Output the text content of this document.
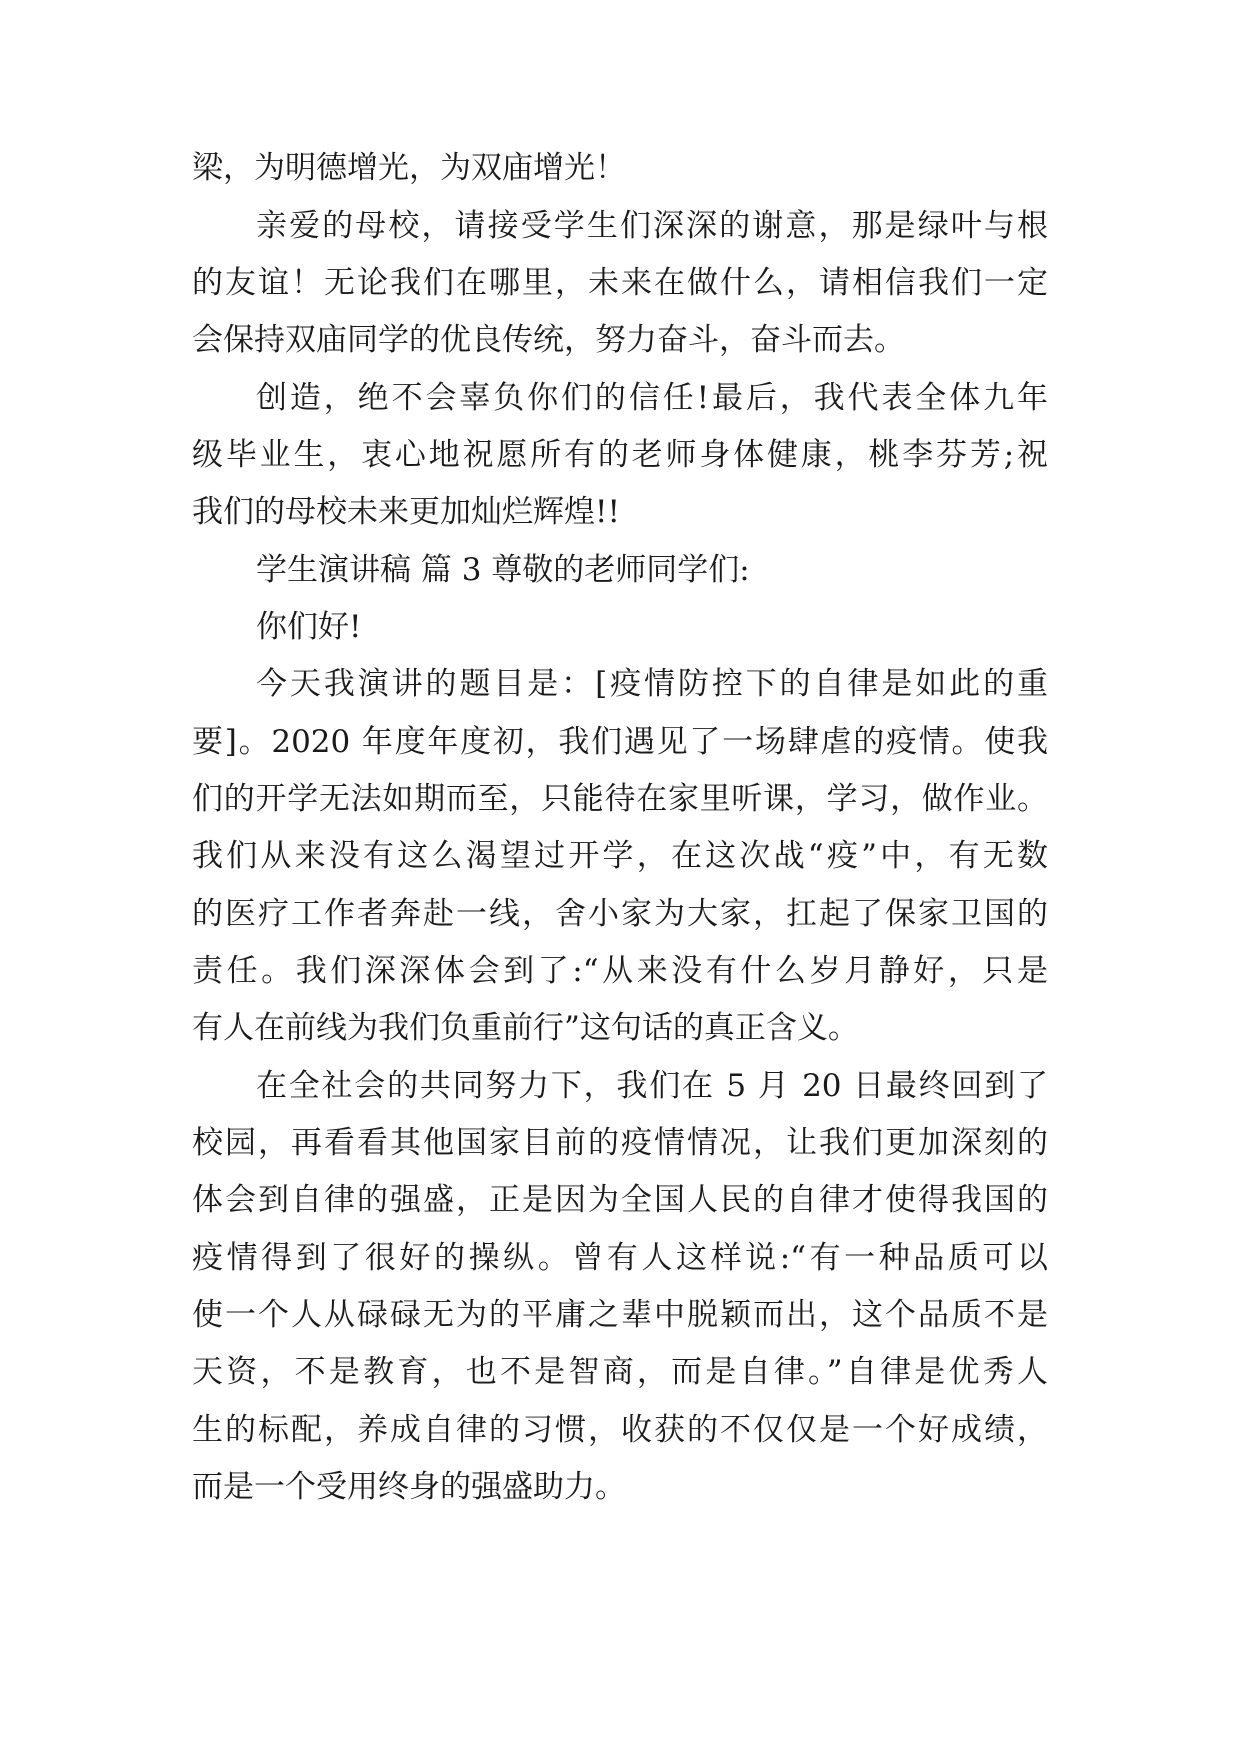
梁，为明德增光，为双庙增光！
亲爱的母校，请接受学生们深深的谢意，那是绿叶与根
的友谊！无论我们在哪里，未来在做什么，请相信我们一定
会保持双庙同学的优良传统，努力奋斗，奋斗而去。
创造，绝不会辜负你们的信任!最后，我代表全体九年
级毕业生，衷心地祝愿所有的老师身体健康，桃李芬芳;祝
我们的母校未来更加灿烂辉煌!!
学生演讲稿 篇 3 尊敬的老师同学们:
你们好!
今天我演讲的题目是：[疫情防控下的自律是如此的重
要]。2020 年度年度初，我们遇见了一场肆虐的疫情。使我
们的开学无法如期而至，只能待在家里听课，学习，做作业。
我们从来没有这么渴望过开学，在这次战“疫”中，有无数
的医疗工作者奔赴一线，舍小家为大家，扛起了保家卫国的
责任。我们深深体会到了:“从来没有什么岁月静好，只是
有人在前线为我们负重前行”这句话的真正含义。
在全社会的共同努力下，我们在 5 月 20 日最终回到了
校园，再看看其他国家目前的疫情情况，让我们更加深刻的
体会到自律的强盛，正是因为全国人民的自律才使得我国的
疫情得到了很好的操纵。曾有人这样说:“有一种品质可以
使一个人从碌碌无为的平庸之辈中脱颖而出，这个品质不是
天资，不是教育，也不是智商，而是自律。”自律是优秀人
生的标配，养成自律的习惯，收获的不仅仅是一个好成绩，
而是一个受用终身的强盛助力。
